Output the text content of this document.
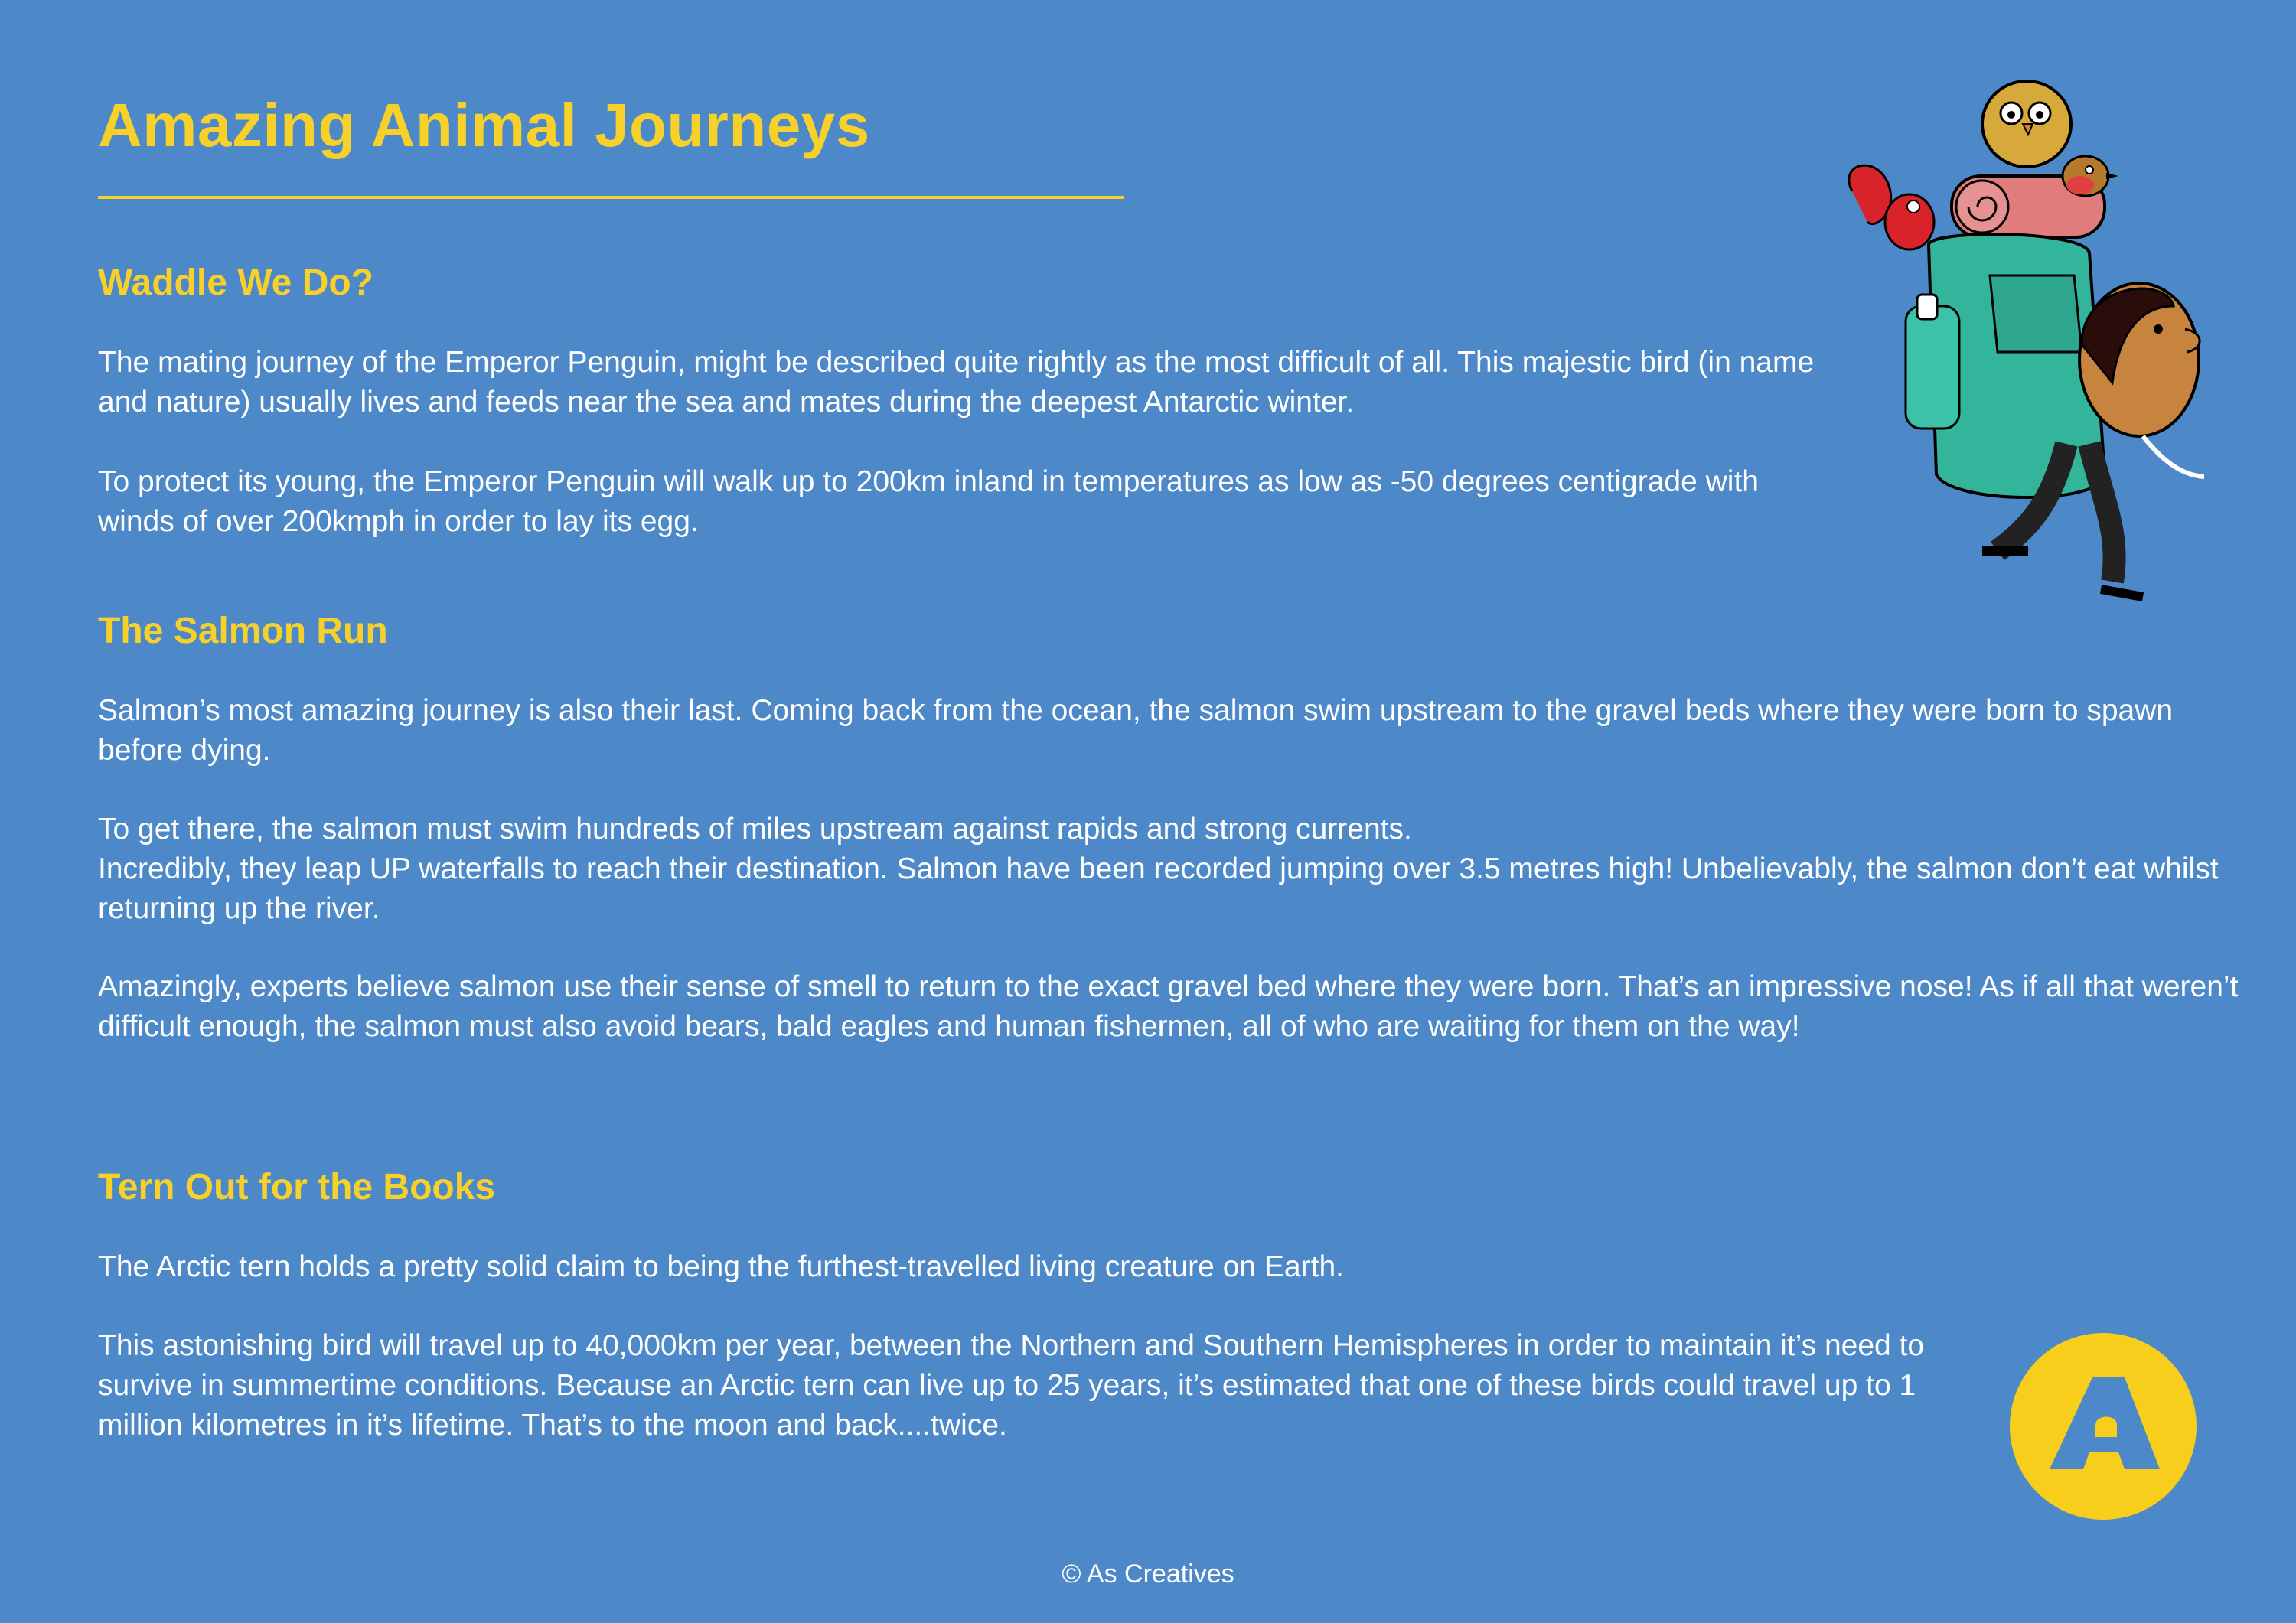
Amazing Animal Journeys
Waddle We Do?

The mating journey of the Emperor Penguin, might be described quite rightly as the most difficult of all. This majestic bird (in name and nature) usually lives and feeds near the sea and mates during the deepest Antarctic winter.

To protect its young, the Emperor Penguin will walk up to 200km inland in temperatures as low as -50 degrees centigrade with winds of over 200kmph in order to lay its egg.

The Salmon Run

Salmon’s most amazing journey is also their last. Coming back from the ocean, the salmon swim upstream to the gravel beds where they were born to spawn before dying.

To get there, the salmon must swim hundreds of miles upstream against rapids and strong currents.

Incredibly, they leap UP waterfalls to reach their destination. Salmon have been recorded jumping over 3.5 metres high! Unbelievably, the salmon don’t eat whilst returning up the river.

Amazingly, experts believe salmon use their sense of smell to return to the exact gravel bed where they were born. That’s an impressive nose! As if all that weren’t difficult enough, the salmon must also avoid bears, bald eagles and human fishermen, all of who are waiting for them on the way!

Tern Out for the Books

The Arctic tern holds a pretty solid claim to being the furthest-travelled living creature on Earth.

This astonishing bird will travel up to 40,000km per year, between the Northern and Southern Hemispheres in order to maintain it’s need to survive in summertime conditions. Because an Arctic tern can live up to 25 years, it’s estimated that one of these birds could travel up to 1 million kilometres in it’s lifetime. That’s to the moon and back....twice.

© As Creatives
